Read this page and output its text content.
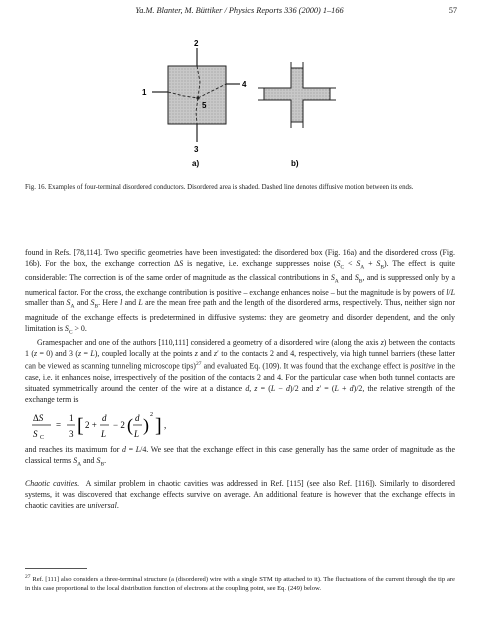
Ya.M. Blanter, M. Büttiker / Physics Reports 336 (2000) 1–166	57
2
3
1
4
5
a)	b)
Fig. 16. Examples of four-terminal disordered conductors. Disordered area is shaded. Dashed line denotes diffusive motion between its ends.

found in Refs. [78,114]. Two specific geometries have been investigated: the disordered box (Fig. 16a) and the disordered cross (Fig. 16b). For the box, the exchange correction ΔS is negative, i.e. exchange suppresses noise $(S_C < S_A + S_B)$. The effect is quite considerable: The correction is of the same order of magnitude as the classical contributions in $S_A$ and $S_B$, and is suppressed only by a numerical factor. For the cross, the exchange contribution is positive – exchange enhances noise – but the magnitude is by powers of l/L smaller than $S_A$ and $S_B$. Here l and L are the mean free path and the length of the disordered arms, respectively. Thus, neither sign nor magnitude of the exchange effects is predetermined in diffusive systems: they are geometry and disorder dependent, and the only limitation is $S_C > 0$.

Gramespacher and one of the authors [110,111] considered a geometry of a disordered wire (along the axis z) between the contacts 1 (z = 0) and 3 (z = L), coupled locally at the points z and z′ to the contacts 2 and 4, respectively, via high tunnel barriers (these latter can be viewed as scanning tunneling microscope tips)$^{27}$ and evaluated Eq. (109). It was found that the exchange effect is positive in the case, i.e. it enhances noise, irrespectively of the position of the contacts 2 and 4. For the particular case when both tunnel contacts are situated symmetrically around the center of the wire at a distance d, z = (L − d)/2 and z′ = (L + d)/2, the relative strength of the exchange term is

ΔS
S C
=
1
3 [ 2 +
d
L
− 2 ( d
L ) 2 ] ,

and reaches its maximum for d = L/4. We see that the exchange effect in this case generally has the same order of magnitude as the classical terms $S_A$ and $S_B$.

Chaotic cavities.  A similar problem in chaotic cavities was addressed in Ref. [115] (see also Ref. [116]). Similarly to disordered systems, it was discovered that exchange effects survive on average. An additional feature is however that the exchange effects in chaotic cavities are universal.

$^{27}$ Ref. [111] also considers a three-terminal structure (a (disordered) wire with a single STM tip attached to it). The fluctuations of the current through the tip are in this case proportional to the local distribution function of electrons at the coupling point, see Eq. (249) below.
